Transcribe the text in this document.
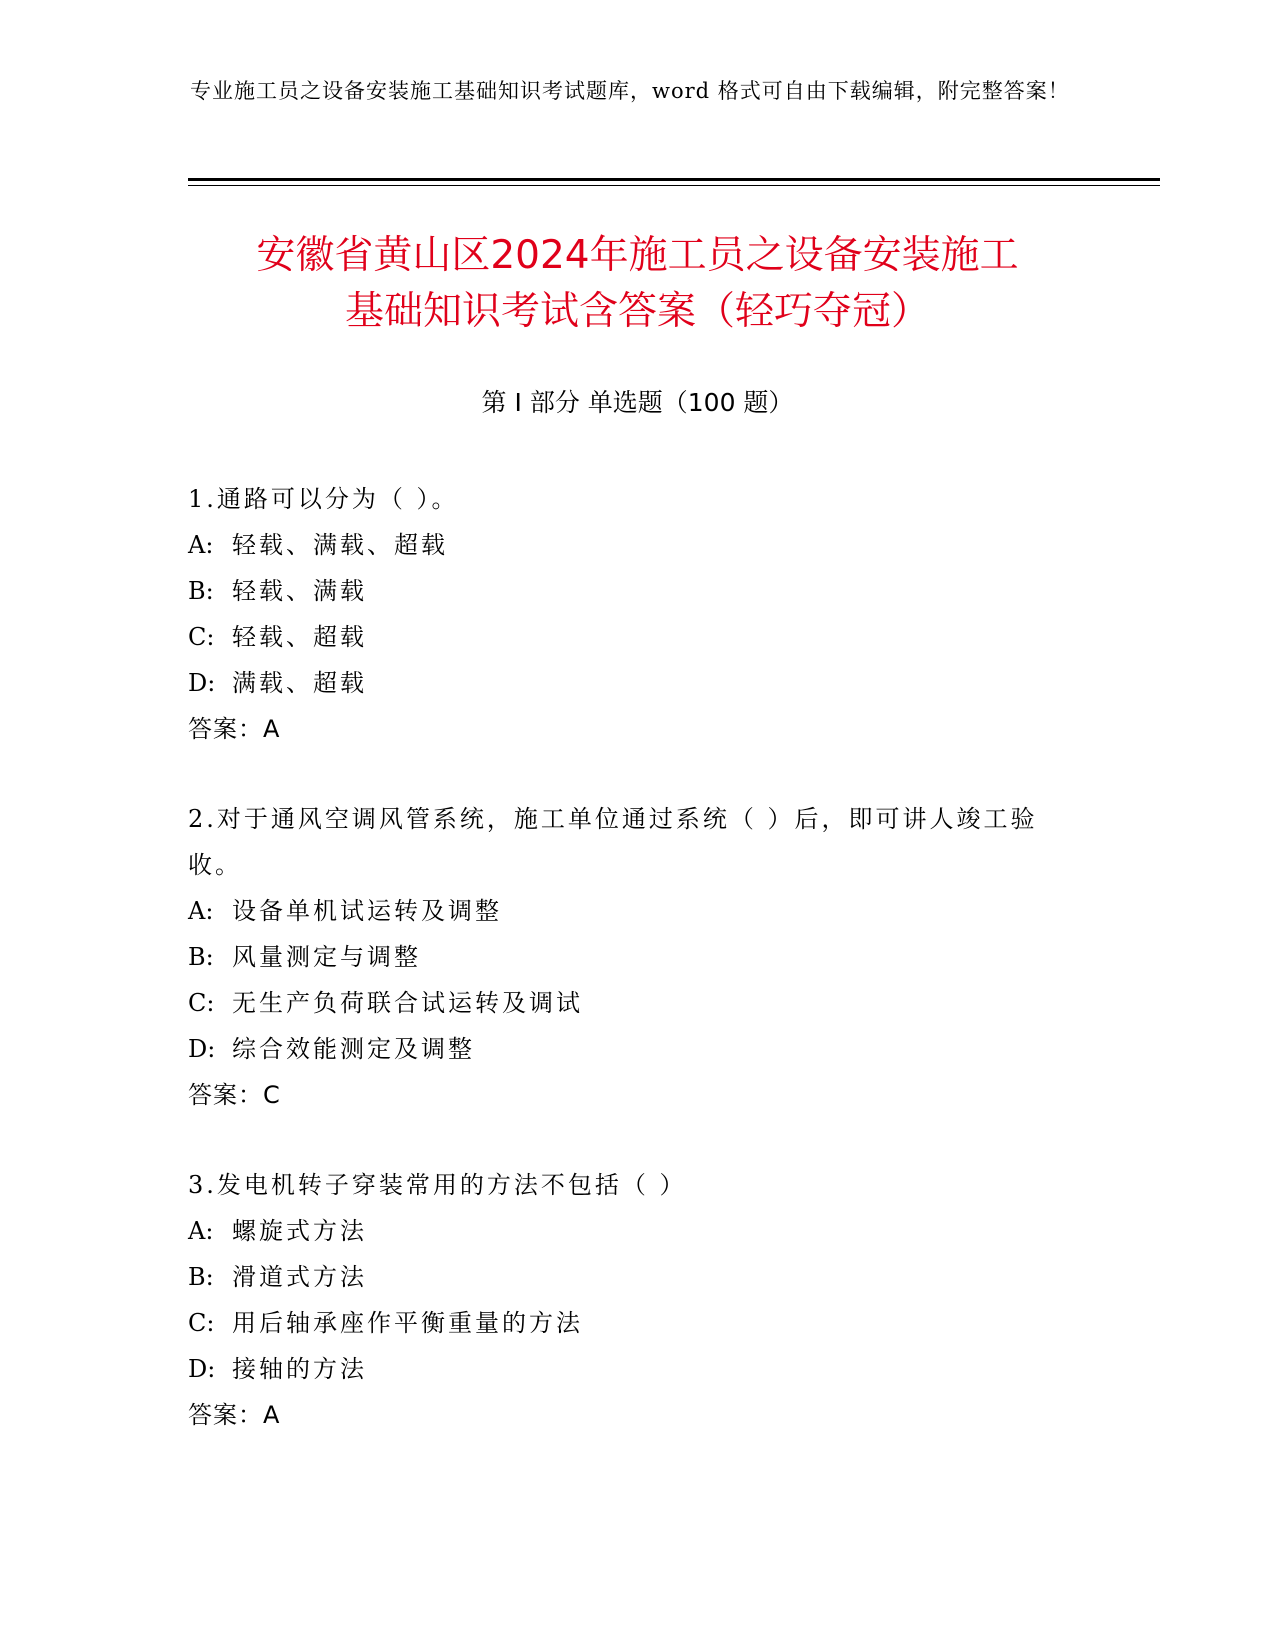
专业施工员之设备安装施工基础知识考试题库，word 格式可自由下载编辑，附完整答案！
安徽省黄山区2024年施工员之设备安装施工
基础知识考试含答案（轻巧夺冠）
第 I 部分 单选题（100 题）
1.通路可以分为（ ）。
A: 轻载、满载、超载
B: 轻载、满载
C: 轻载、超载
D: 满载、超载
答案：A
2.对于通风空调风管系统，施工单位通过系统（ ）后，即可讲人竣工验收。
A: 设备单机试运转及调整
B: 风量测定与调整
C: 无生产负荷联合试运转及调试
D: 综合效能测定及调整
答案：C
3.发电机转子穿装常用的方法不包括（ ）
A: 螺旋式方法
B: 滑道式方法
C: 用后轴承座作平衡重量的方法
D: 接轴的方法
答案：A
